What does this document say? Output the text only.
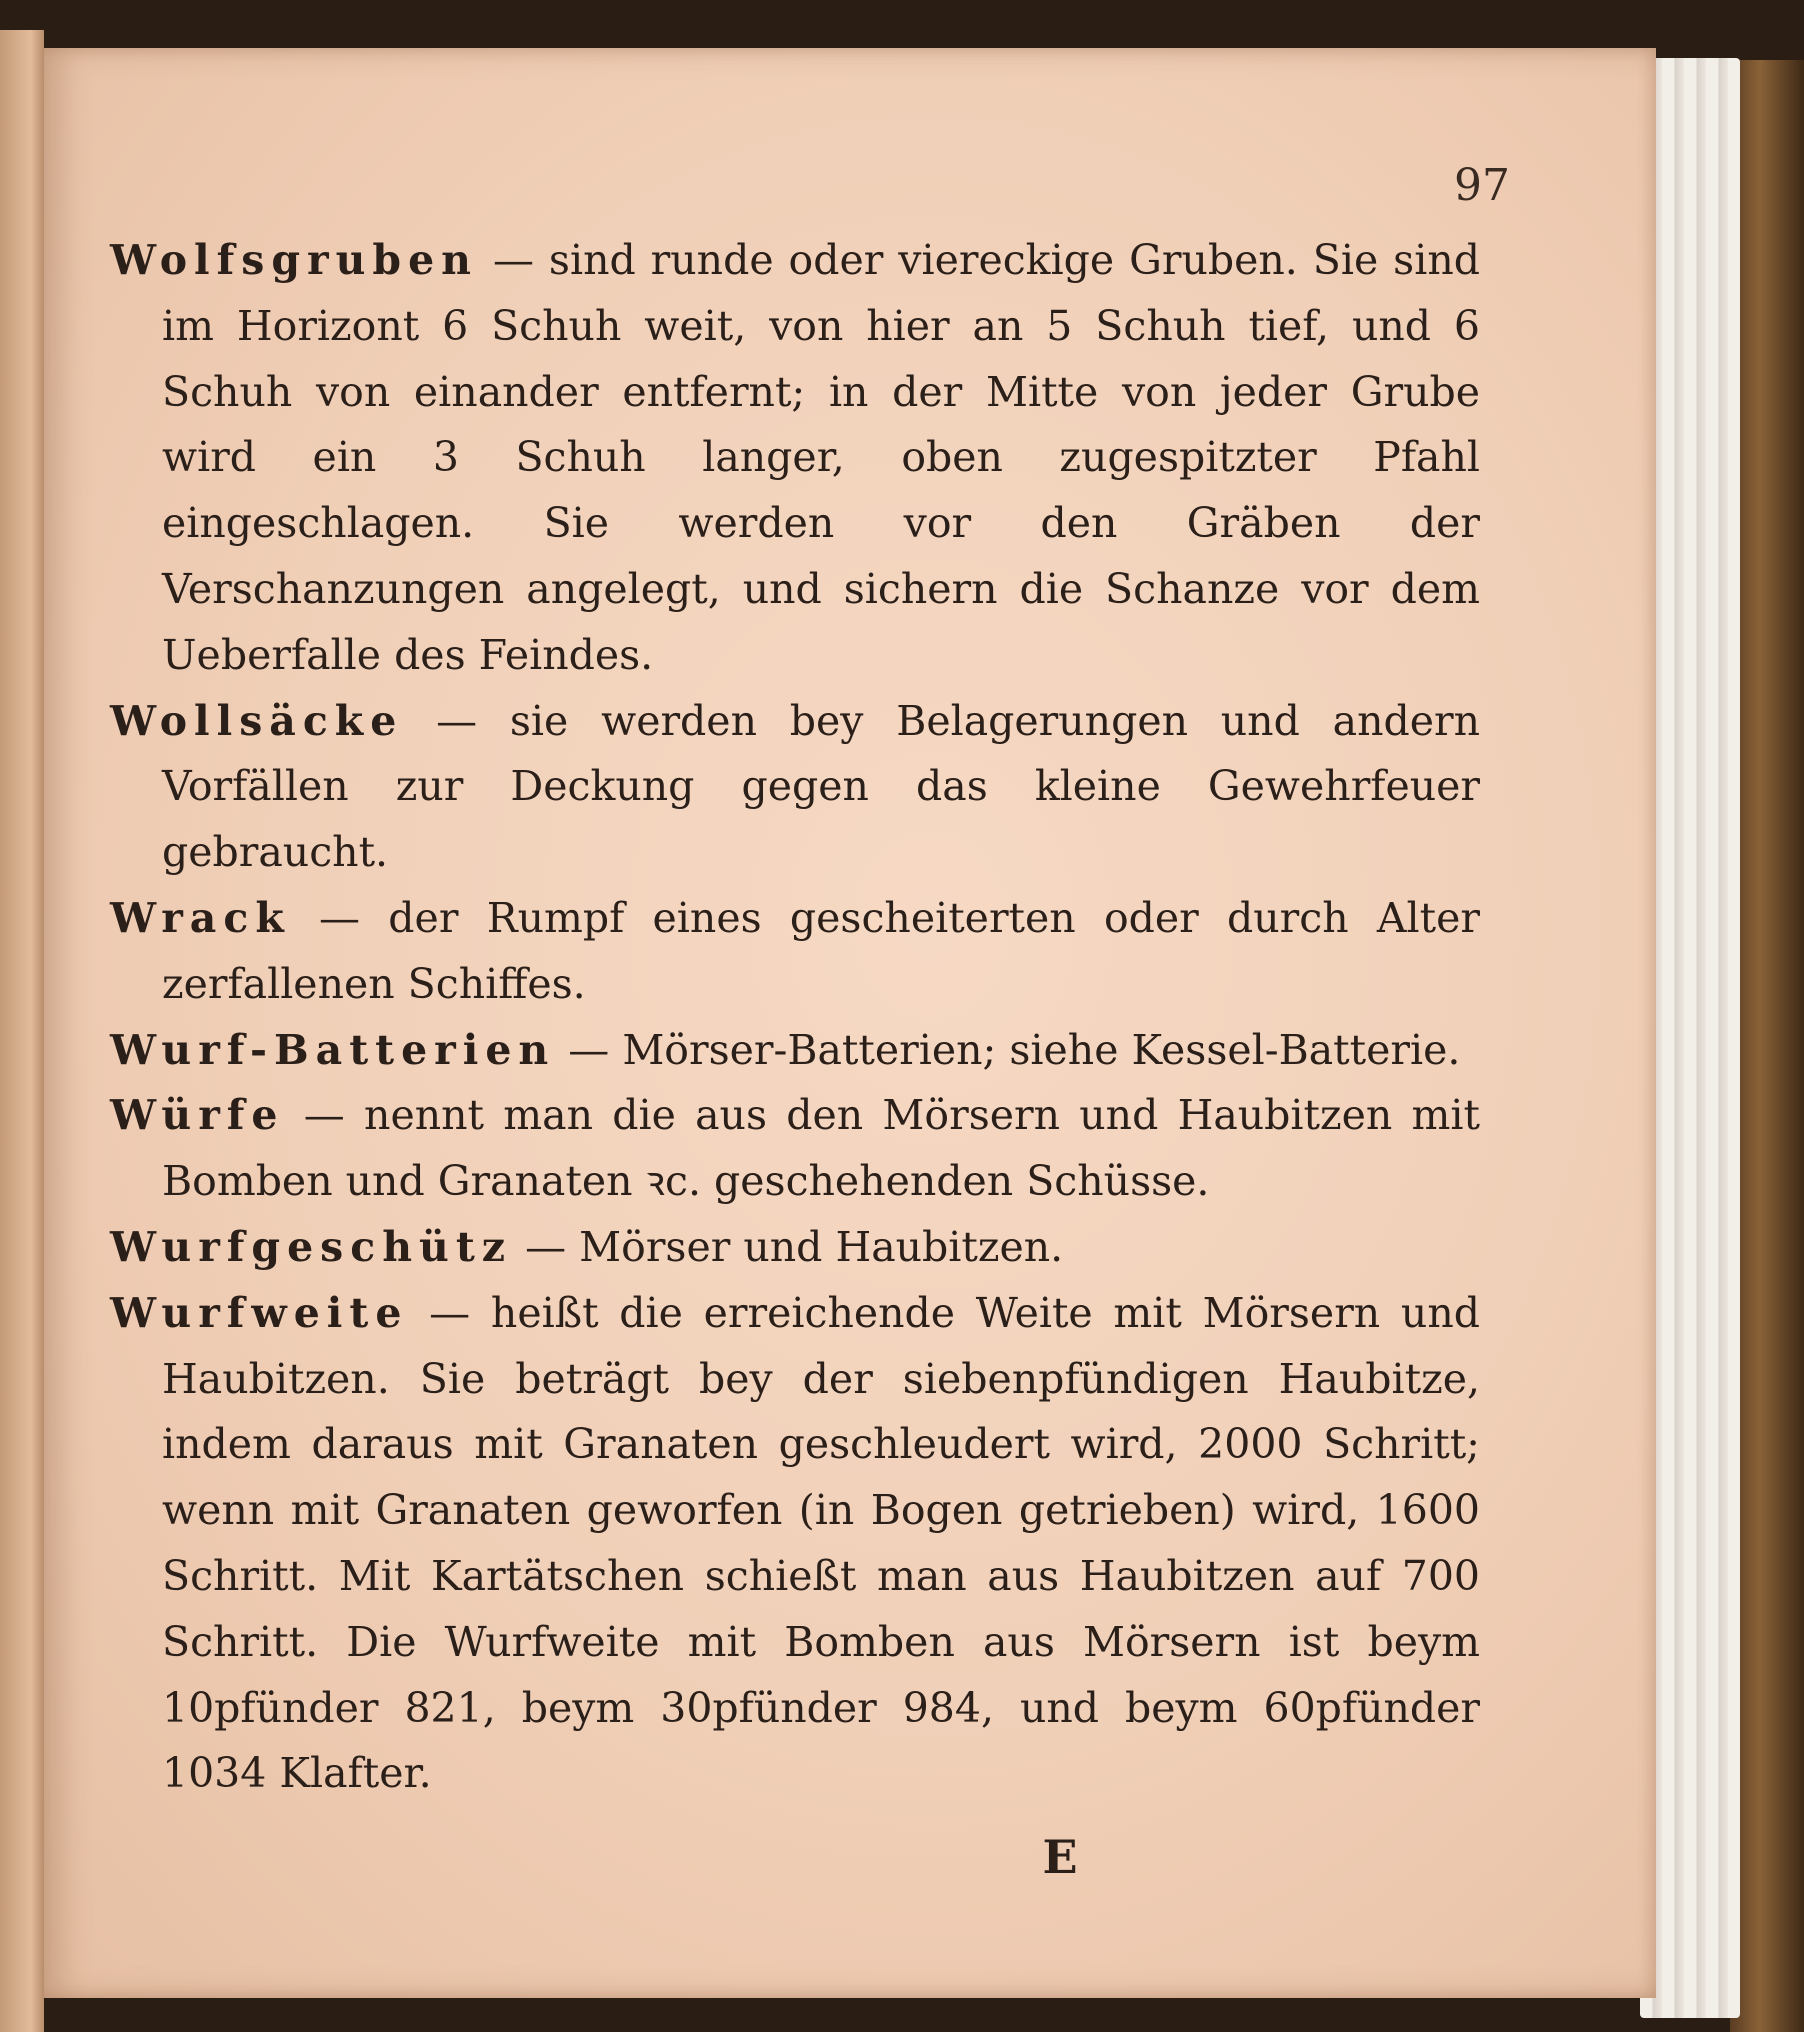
97

Wolfsgruben — sind runde oder viereckige Gruben. Sie sind im Horizont 6 Schuh weit, von hier an 5 Schuh tief, und 6 Schuh von einander entfernt; in der Mitte von jeder Grube wird ein 3 Schuh langer, oben zugespitzter Pfahl eingeschlagen. Sie werden vor den Gräben der Verschanzungen angelegt, und sichern die Schanze vor dem Ueberfalle des Feindes.

Wollsäcke — sie werden bey Belagerungen und andern Vorfällen zur Deckung gegen das kleine Gewehrfeuer gebraucht.

Wrack — der Rumpf eines gescheiterten oder durch Alter zerfallenen Schiffes.

Wurf-Batterien — Mörser-Batterien; siehe Kessel-Batterie.

Würfe — nennt man die aus den Mörsern und Haubitzen mit Bomben und Granaten ꝛc. geschehenden Schüsse.

Wurfgeschütz — Mörser und Haubitzen.

Wurfweite — heißt die erreichende Weite mit Mörsern und Haubitzen. Sie beträgt bey der siebenpfündigen Haubitze, indem daraus mit Granaten geschleudert wird, 2000 Schritt; wenn mit Granaten geworfen (in Bogen getrieben) wird, 1600 Schritt. Mit Kartätschen schießt man aus Haubitzen auf 700 Schritt. Die Wurfweite mit Bomben aus Mörsern ist beym 10pfünder 821, beym 30pfünder 984, und beym 60pfünder 1034 Klafter.

E
